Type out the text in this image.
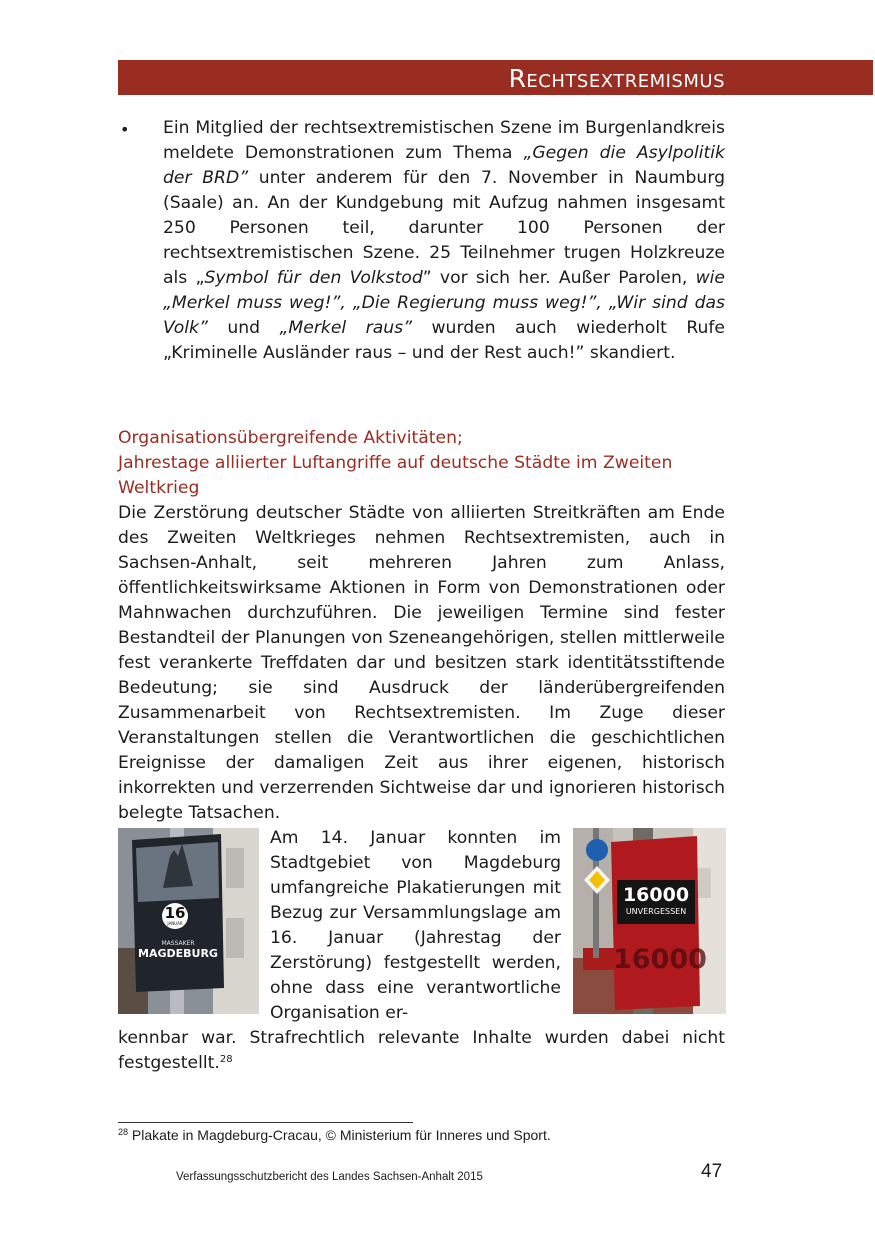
Rechtsextremismus
• Ein Mitglied der rechtsextremistischen Szene im Burgenlandkreis meldete Demonstrationen zum Thema „Gegen die Asylpolitik der BRD” unter anderem für den 7. November in Naumburg (Saale) an. An der Kundgebung mit Aufzug nahmen insgesamt 250 Personen teil, darunter 100 Personen der rechtsextremistischen Szene. 25 Teilnehmer trugen Holzkreuze als „Symbol für den Volkstod” vor sich her. Außer Parolen, wie „Merkel muss weg!”, „Die Regierung muss weg!”, „Wir sind das Volk” und „Merkel raus” wurden auch wiederholt Rufe „Kriminelle Ausländer raus – und der Rest auch!” skandiert.
Organisationsübergreifende Aktivitäten;
Jahrestage alliierter Luftangriffe auf deutsche Städte im Zweiten Weltkrieg
Die Zerstörung deutscher Städte von alliierten Streitkräften am Ende des Zweiten Weltkrieges nehmen Rechtsextremisten, auch in Sachsen-Anhalt, seit mehreren Jahren zum Anlass, öffentlichkeitswirksame Aktionen in Form von Demonstrationen oder Mahnwachen durchzuführen. Die jeweiligen Termine sind fester Bestandteil der Planungen von Szeneangehörigen, stellen mittlerweile fest verankerte Treffdaten dar und besitzen stark identitätsstiftende Bedeutung; sie sind Ausdruck der länderübergreifenden Zusammenarbeit von Rechtsextremisten. Im Zuge dieser Veranstaltungen stellen die Verantwortlichen die geschichtlichen Ereignisse der damaligen Zeit aus ihrer eigenen, historisch inkorrekten und verzerrenden Sichtweise dar und ignorieren historisch belegte Tatsachen.
16
JANUAR
MASSAKER
MAGDEBURG
Am 14. Januar konnten im Stadtgebiet von Magdeburg umfangreiche Plakatierungen mit Bezug zur Versammlungslage am 16. Januar (Jahrestag der Zerstörung) festgestellt werden, ohne dass eine verantwortliche Organisation er-
16000
UNVERGESSEN
16000
kennbar war. Strafrechtlich relevante Inhalte wurden dabei nicht festgestellt.$^{28}$
$^{28}$ Plakate in Magdeburg-Cracau, © Ministerium für Inneres und Sport.
Verfassungsschutzbericht des Landes Sachsen-Anhalt 2015	47
